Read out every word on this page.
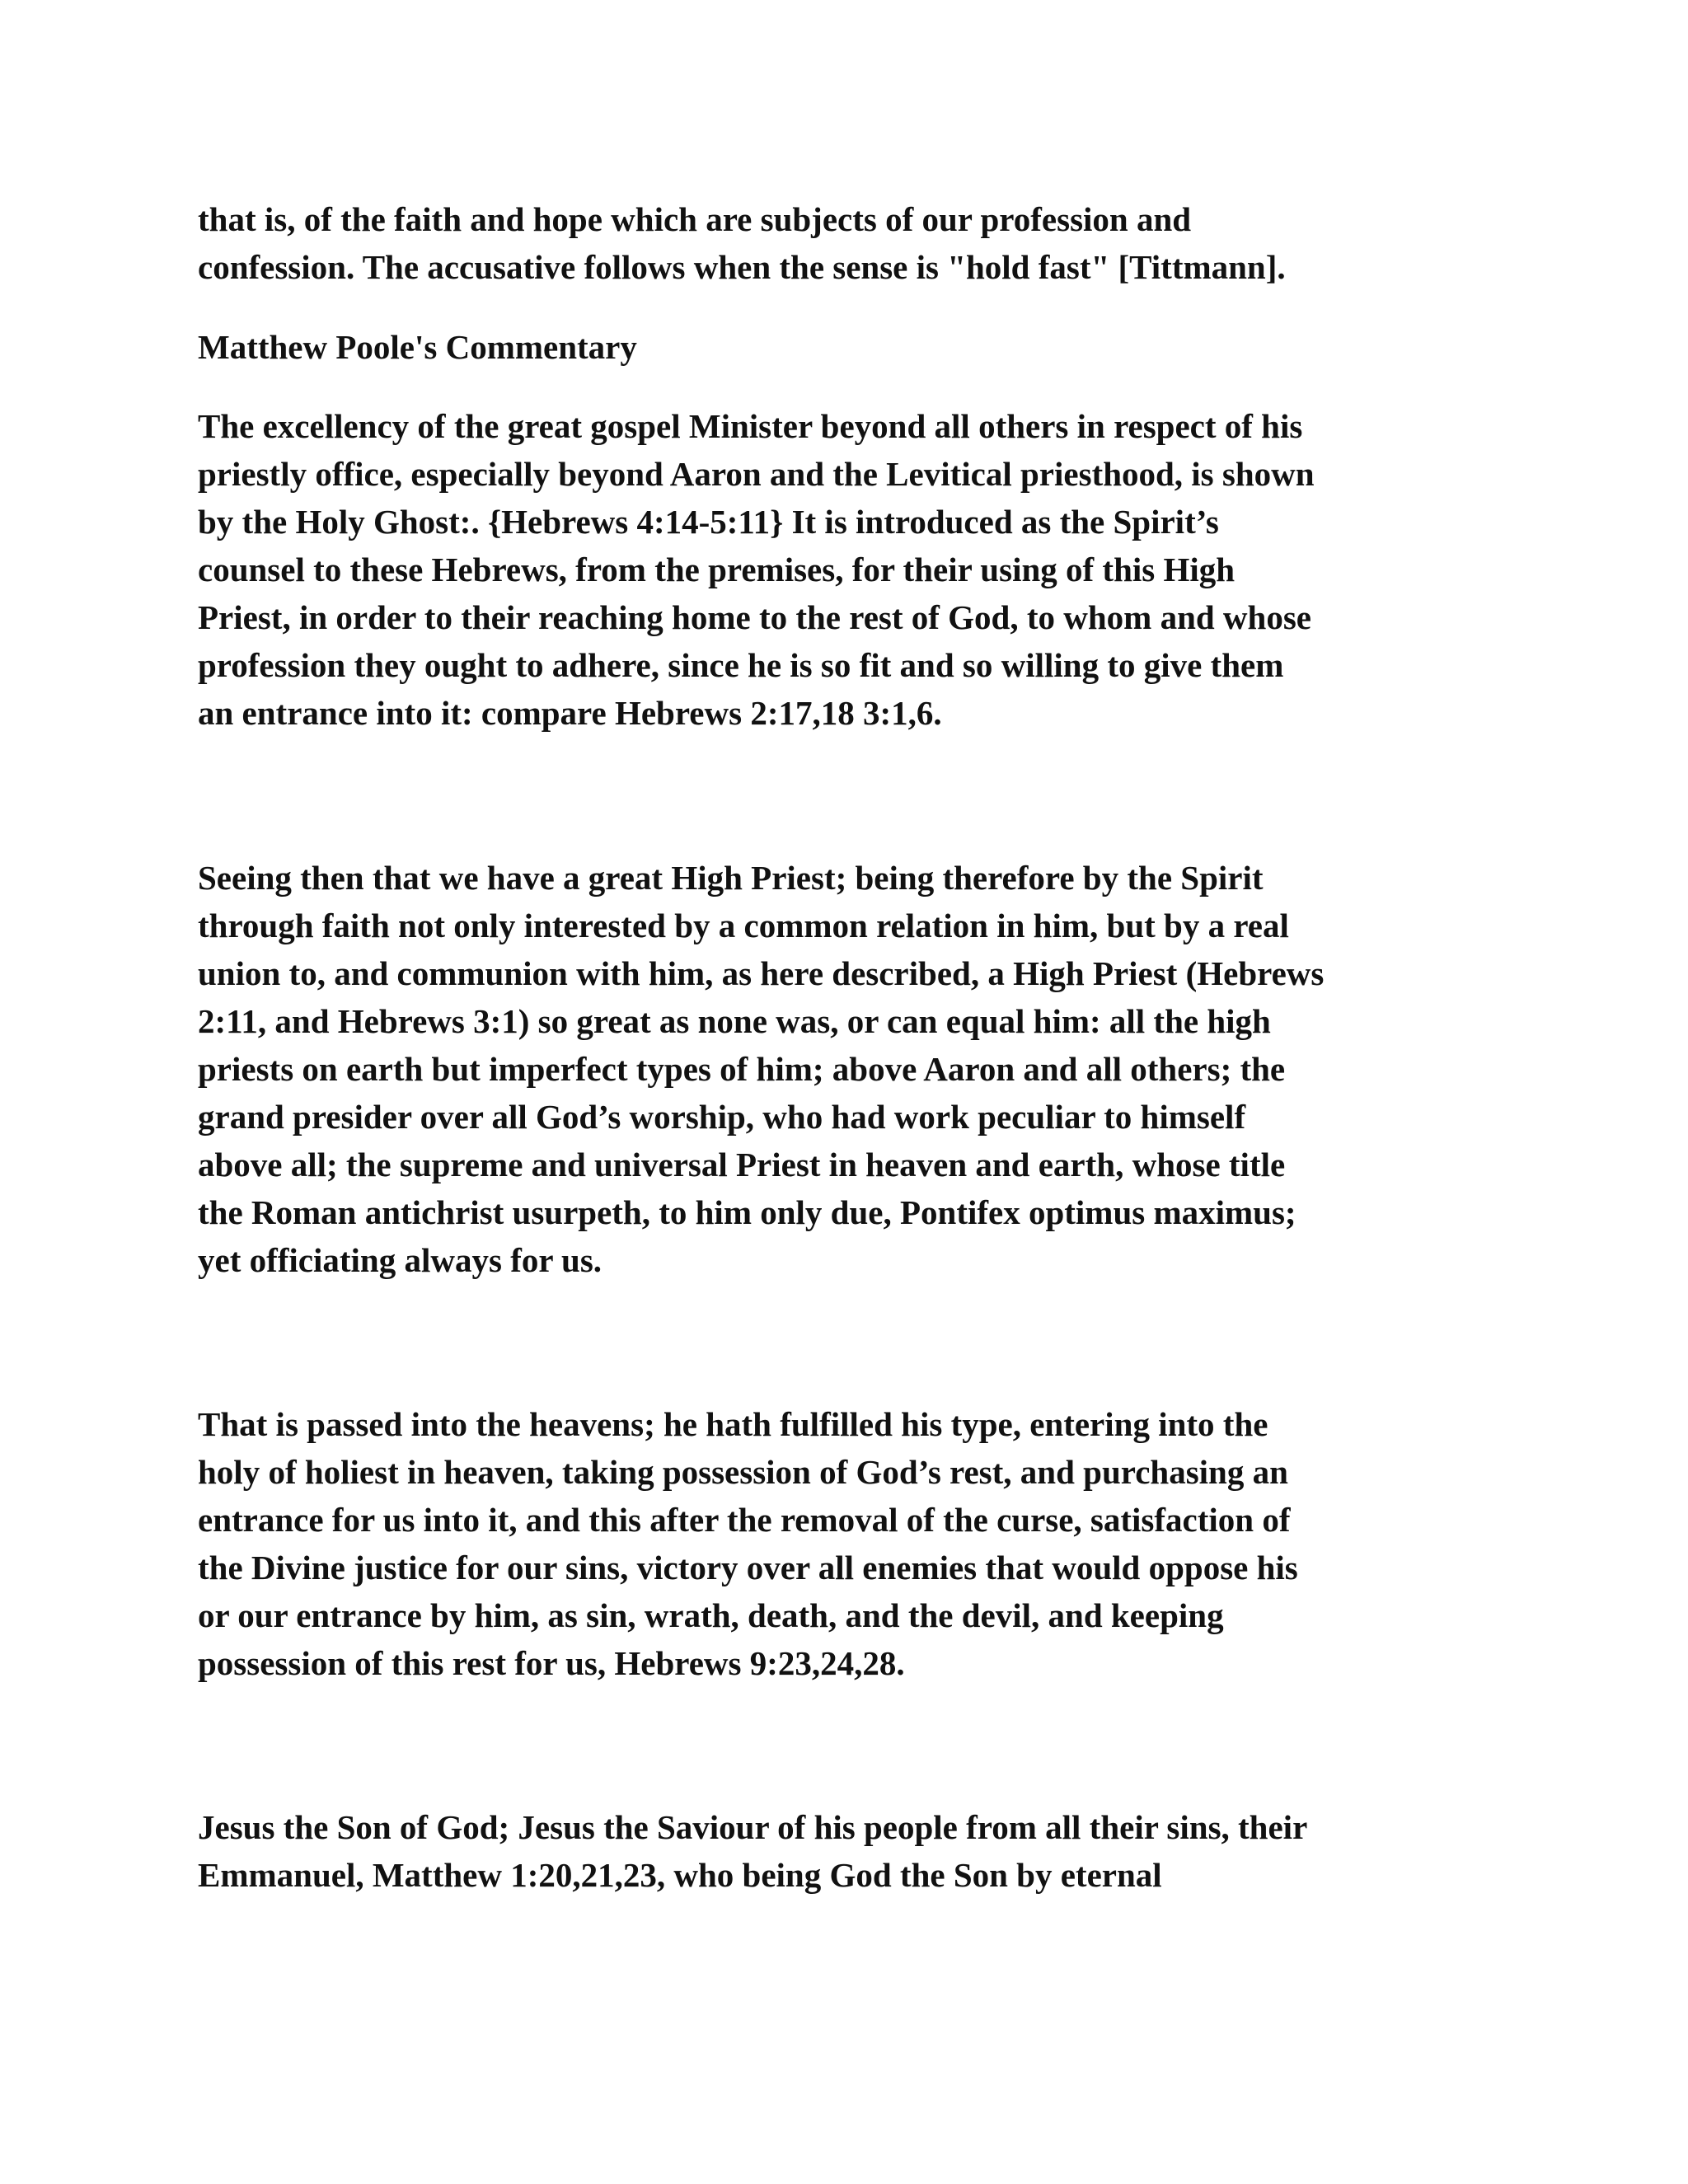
that is, of the faith and hope which are subjects of our profession and
confession. The accusative follows when the sense is "hold fast" [Tittmann].
Matthew Poole's Commentary
The excellency of the great gospel Minister beyond all others in respect of his
priestly office, especially beyond Aaron and the Levitical priesthood, is shown
by the Holy Ghost:. {Hebrews 4:14-5:11} It is introduced as the Spirit’s
counsel to these Hebrews, from the premises, for their using of this High
Priest, in order to their reaching home to the rest of God, to whom and whose
profession they ought to adhere, since he is so fit and so willing to give them
an entrance into it: compare Hebrews 2:17,18 3:1,6.
Seeing then that we have a great High Priest; being therefore by the Spirit
through faith not only interested by a common relation in him, but by a real
union to, and communion with him, as here described, a High Priest (Hebrews
2:11, and Hebrews 3:1) so great as none was, or can equal him: all the high
priests on earth but imperfect types of him; above Aaron and all others; the
grand presider over all God’s worship, who had work peculiar to himself
above all; the supreme and universal Priest in heaven and earth, whose title
the Roman antichrist usurpeth, to him only due, Pontifex optimus maximus;
yet officiating always for us.
That is passed into the heavens; he hath fulfilled his type, entering into the
holy of holiest in heaven, taking possession of God’s rest, and purchasing an
entrance for us into it, and this after the removal of the curse, satisfaction of
the Divine justice for our sins, victory over all enemies that would oppose his
or our entrance by him, as sin, wrath, death, and the devil, and keeping
possession of this rest for us, Hebrews 9:23,24,28.
Jesus the Son of God; Jesus the Saviour of his people from all their sins, their
Emmanuel, Matthew 1:20,21,23, who being God the Son by eternal
